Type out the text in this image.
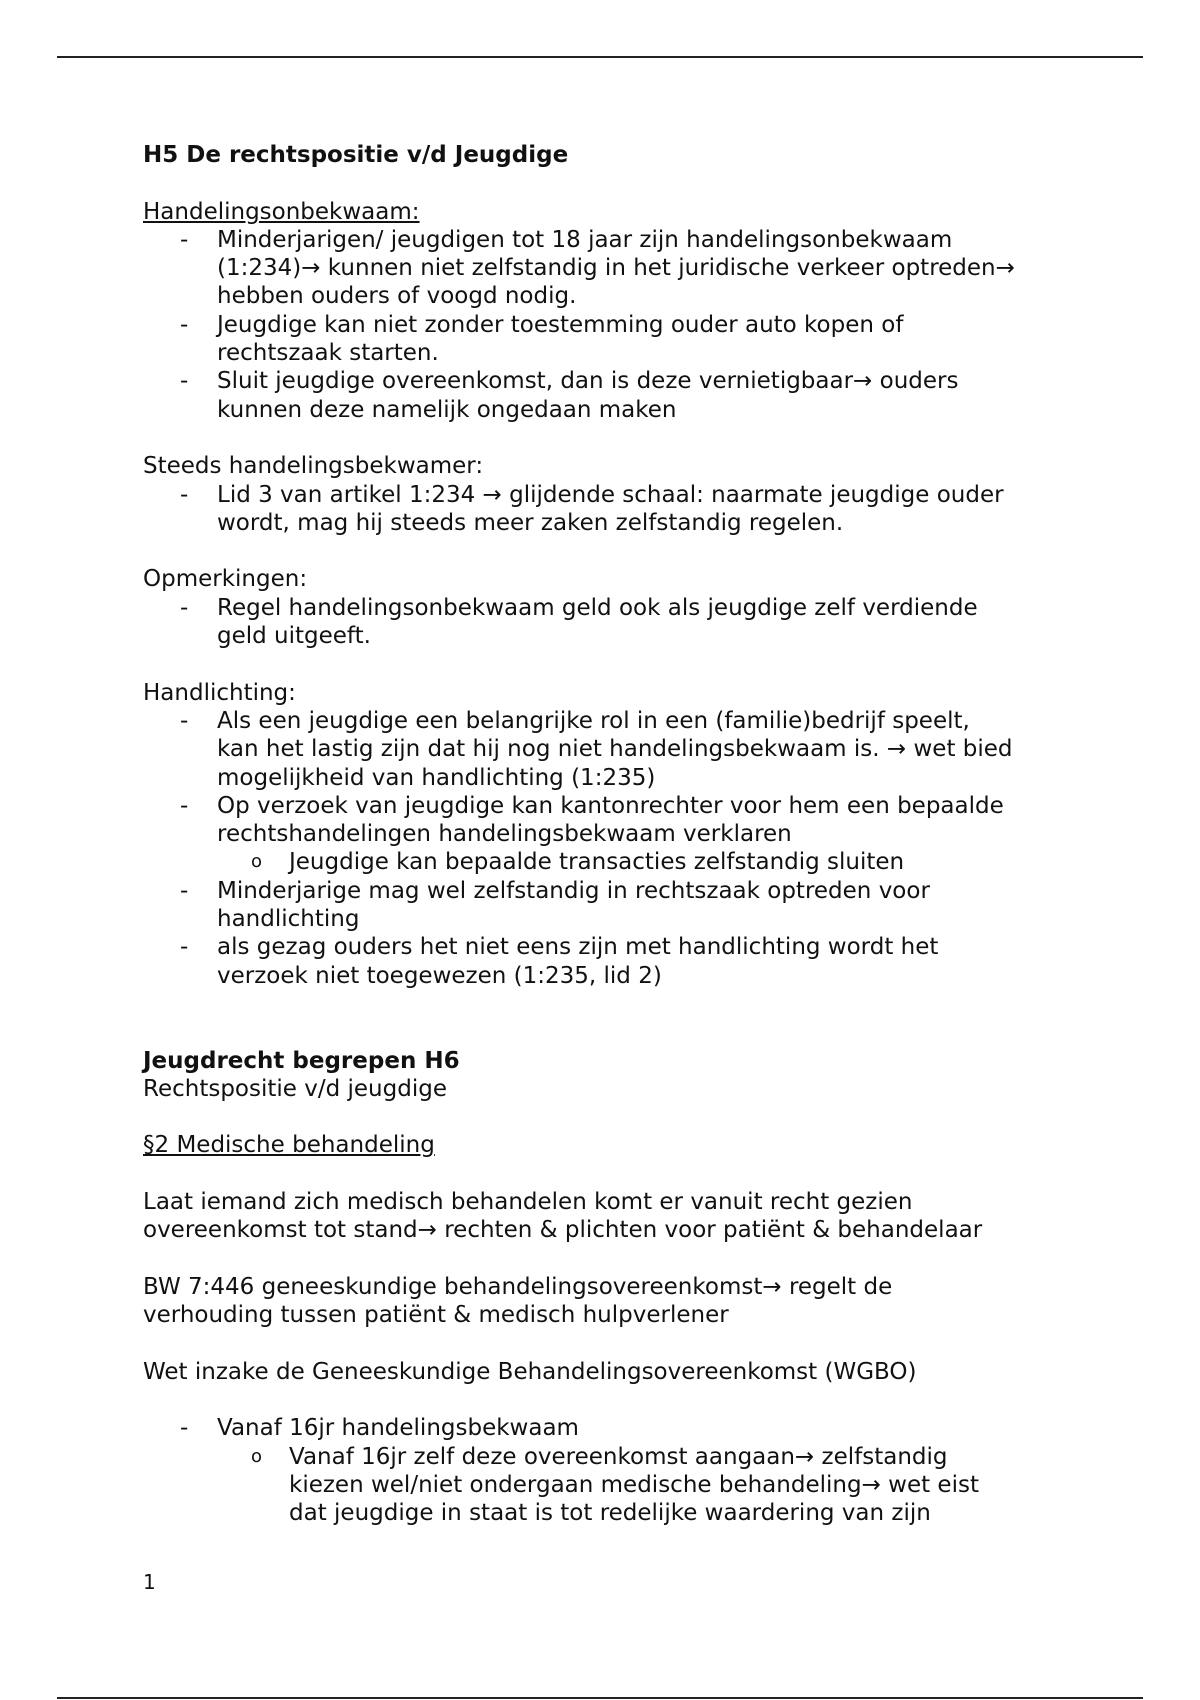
H5 De rechtspositie v/d Jeugdige
Handelingsonbekwaam:
- Minderjarigen/ jeugdigen tot 18 jaar zijn handelingsonbekwaam
(1:234)→ kunnen niet zelfstandig in het juridische verkeer optreden→
hebben ouders of voogd nodig.
- Jeugdige kan niet zonder toestemming ouder auto kopen of
rechtszaak starten.
- Sluit jeugdige overeenkomst, dan is deze vernietigbaar→ ouders
kunnen deze namelijk ongedaan maken
Steeds handelingsbekwamer:
- Lid 3 van artikel 1:234 → glijdende schaal: naarmate jeugdige ouder
wordt, mag hij steeds meer zaken zelfstandig regelen.
Opmerkingen:
- Regel handelingsonbekwaam geld ook als jeugdige zelf verdiende
geld uitgeeft.
Handlichting:
- Als een jeugdige een belangrijke rol in een (familie)bedrijf speelt,
kan het lastig zijn dat hij nog niet handelingsbekwaam is. → wet bied
mogelijkheid van handlichting (1:235)
- Op verzoek van jeugdige kan kantonrechter voor hem een bepaalde
rechtshandelingen handelingsbekwaam verklaren
o Jeugdige kan bepaalde transacties zelfstandig sluiten
- Minderjarige mag wel zelfstandig in rechtszaak optreden voor
handlichting
- als gezag ouders het niet eens zijn met handlichting wordt het
verzoek niet toegewezen (1:235, lid 2)
Jeugdrecht begrepen H6
Rechtspositie v/d jeugdige
§2 Medische behandeling
Laat iemand zich medisch behandelen komt er vanuit recht gezien
overeenkomst tot stand→ rechten & plichten voor patiënt & behandelaar
BW 7:446 geneeskundige behandelingsovereenkomst→ regelt de
verhouding tussen patiënt & medisch hulpverlener
Wet inzake de Geneeskundige Behandelingsovereenkomst (WGBO)
- Vanaf 16jr handelingsbekwaam
o Vanaf 16jr zelf deze overeenkomst aangaan→ zelfstandig
kiezen wel/niet ondergaan medische behandeling→ wet eist
dat jeugdige in staat is tot redelijke waardering van zijn
1
